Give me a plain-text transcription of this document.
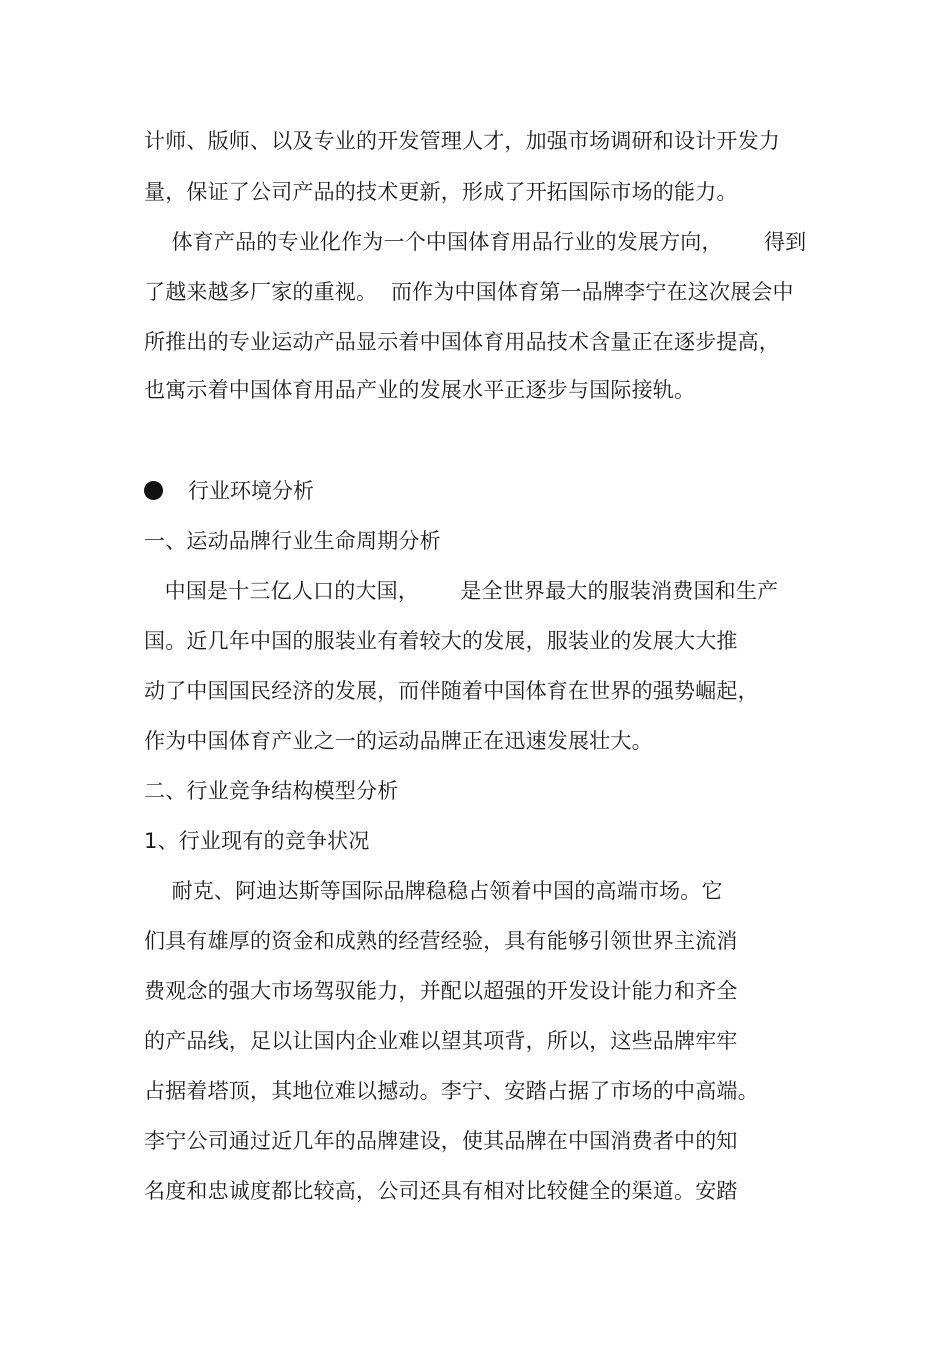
计师、版师、以及专业的开发管理人才，加强市场调研和设计开发力
量，保证了公司产品的技术更新，形成了开拓国际市场的能力。
体育产品的专业化作为一个中国体育用品行业的发展方向，      得到
了越来越多厂家的重视。  而作为中国体育第一品牌李宁在这次展会中
所推出的专业运动产品显示着中国体育用品技术含量正在逐步提高，
也寓示着中国体育用品产业的发展水平正逐步与国际接轨。
行业环境分析
一、运动品牌行业生命周期分析
中国是十三亿人口的大国，      是全世界最大的服装消费国和生产
国。近几年中国的服装业有着较大的发展，服装业的发展大大推
动了中国国民经济的发展，而伴随着中国体育在世界的强势崛起，
作为中国体育产业之一的运动品牌正在迅速发展壮大。
二、行业竞争结构模型分析
1、行业现有的竞争状况
耐克、阿迪达斯等国际品牌稳稳占领着中国的高端市场。它
们具有雄厚的资金和成熟的经营经验，具有能够引领世界主流消
费观念的强大市场驾驭能力，并配以超强的开发设计能力和齐全
的产品线，足以让国内企业难以望其项背，所以，这些品牌牢牢
占据着塔顶，其地位难以撼动。李宁、安踏占据了市场的中高端。
李宁公司通过近几年的品牌建设，使其品牌在中国消费者中的知
名度和忠诚度都比较高，公司还具有相对比较健全的渠道。安踏
